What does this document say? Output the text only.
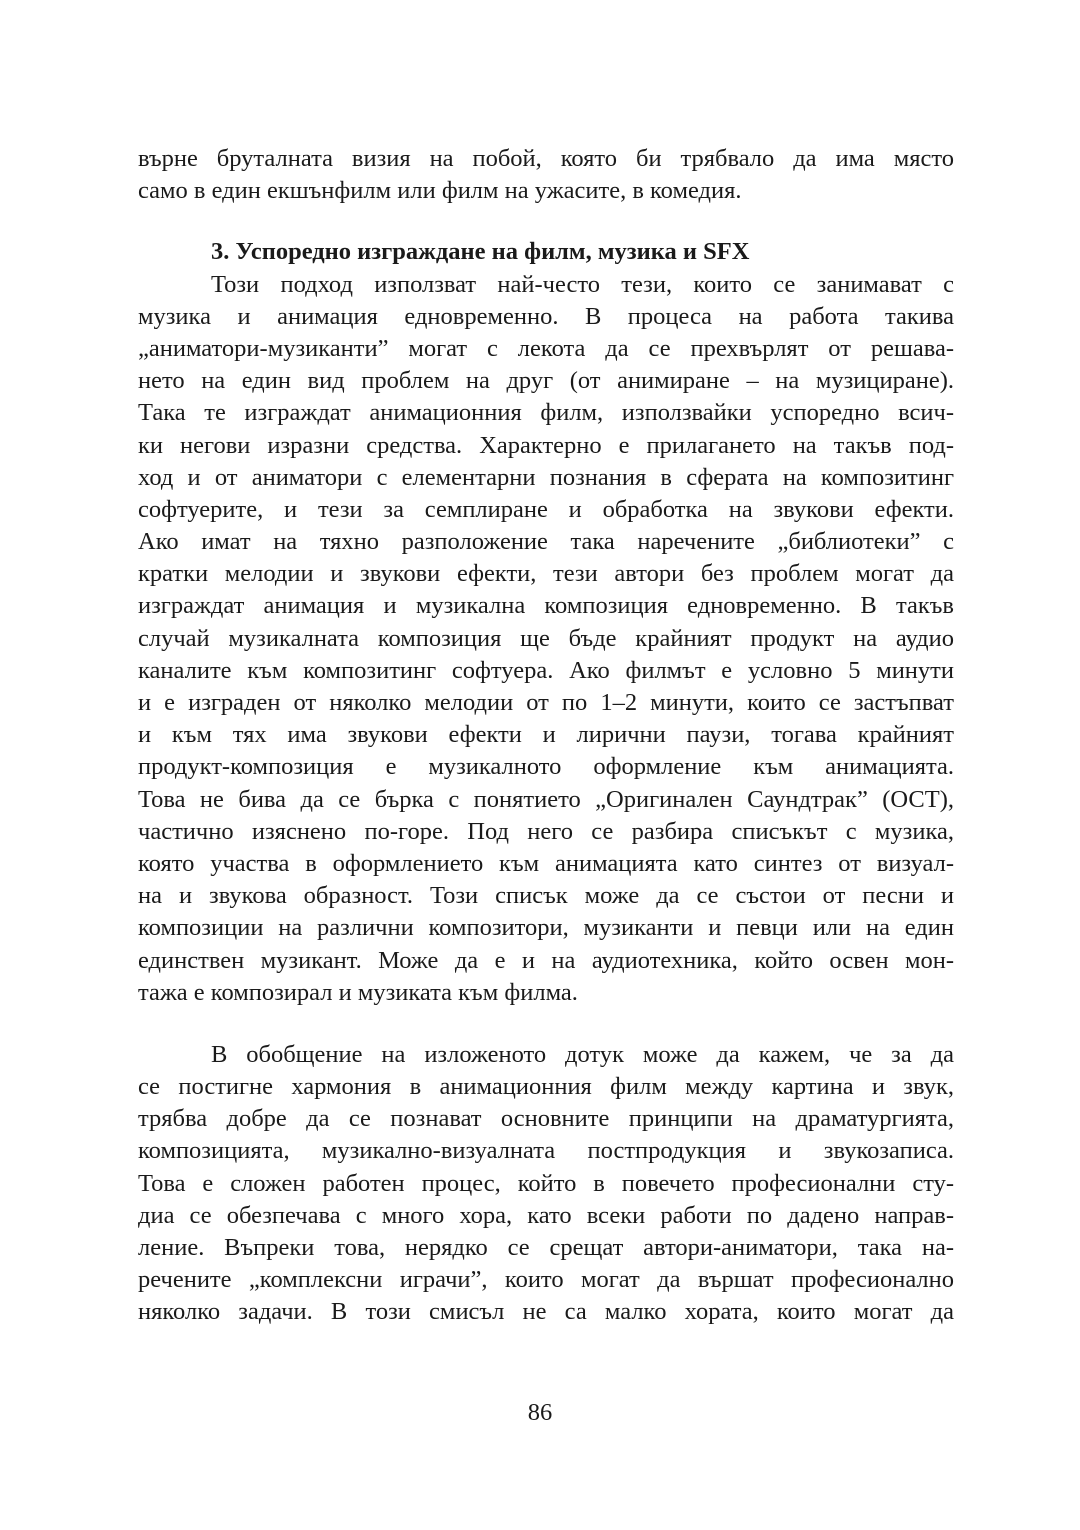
върне бруталната визия на побой, която би трябвало да има място
само в един екшънфилм или филм на ужасите, в комедия.
3. Успоредно изграждане на филм, музика и SFX
Този подход използват най-често тези, които се занимават с
музика и анимация едновременно. В процеса на работа такива
„аниматори-музиканти” могат с лекота да се прехвърлят от решава-
нето на един вид проблем на друг (от анимиране – на музициране).
Така те изграждат анимационния филм, използвайки успоредно всич-
ки негови изразни средства. Характерно е прилагането на такъв под-
ход и от аниматори с елементарни познания в сферата на композитинг
софтуерите, и тези за семплиране и обработка на звукови ефекти.
Ако имат на тяхно разположение така наречените „библиотеки” с
кратки мелодии и звукови ефекти, тези автори без проблем могат да
изграждат анимация и музикална композиция едновременно. В такъв
случай музикалната композиция ще бъде крайният продукт на аудио
каналите към композитинг софтуера. Ако филмът е условно 5 минути
и е изграден от няколко мелодии от по 1–2 минути, които се застъпват
и към тях има звукови ефекти и лирични паузи, тогава крайният
продукт-композиция е музикалното оформление към анимацията.
Това не бива да се бърка с понятието „Оригинален Саундтрак” (ОСТ),
частично изяснено по-горе. Под него се разбира списъкът с музика,
която участва в оформлението към анимацията като синтез от визуал-
на и звукова образност. Този списък може да се състои от песни и
композиции на различни композитори, музиканти и певци или на един
единствен музикант. Може да е и на аудиотехника, който освен мон-
тажа е композирал и музиката към филма.
В обобщение на изложеното дотук може да кажем, че за да
се постигне хармония в анимационния филм между картина и звук,
трябва добре да се познават основните принципи на драматургията,
композицията, музикално-визуалната постпродукция и звукозаписа.
Това е сложен работен процес, който в повечето професионални сту-
диа се обезпечава с много хора, като всеки работи по дадено направ-
ление. Въпреки това, нерядко се срещат автори-аниматори, така на-
речените „комплексни играчи”, които могат да вършат професионално
няколко задачи. В този смисъл не са малко хората, които могат да
86
